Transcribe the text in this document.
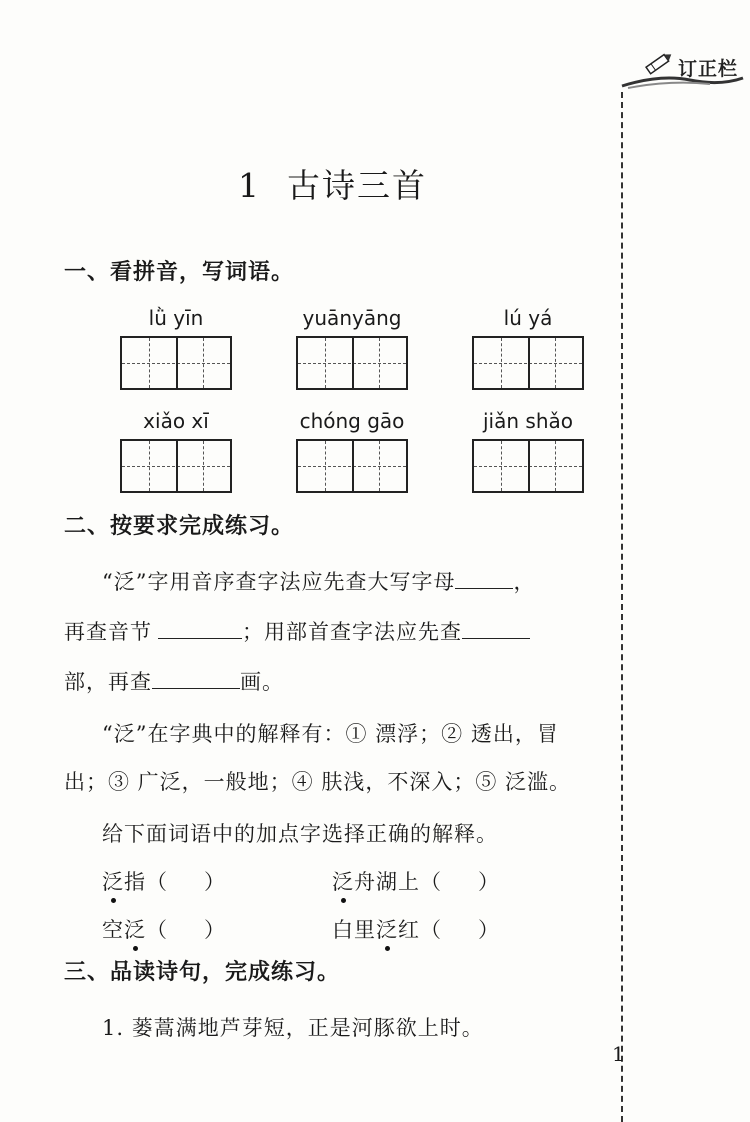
订正栏
1 古诗三首
一、看拼音，写词语。
lǜ yīn	yuānyāng	lú yá
xiǎo xī	chóng gāo	jiǎn shǎo
二、按要求完成练习。
“泛”字用音序查字法应先查大写字母	，
再查音节	；用部首查字法应先查
部，再查	画。
“泛”在字典中的解释有：① 漂浮；② 透出，冒
出；③ 广泛，一般地；④ 肤浅，不深入；⑤ 泛滥。
给下面词语中的加点字选择正确的解释。
泛指（ ）	泛舟湖上（ ）
空泛（ ）	白里泛红（ ）
三、品读诗句，完成练习。
1. 蒌蒿满地芦芽短，正是河豚欲上时。
1
